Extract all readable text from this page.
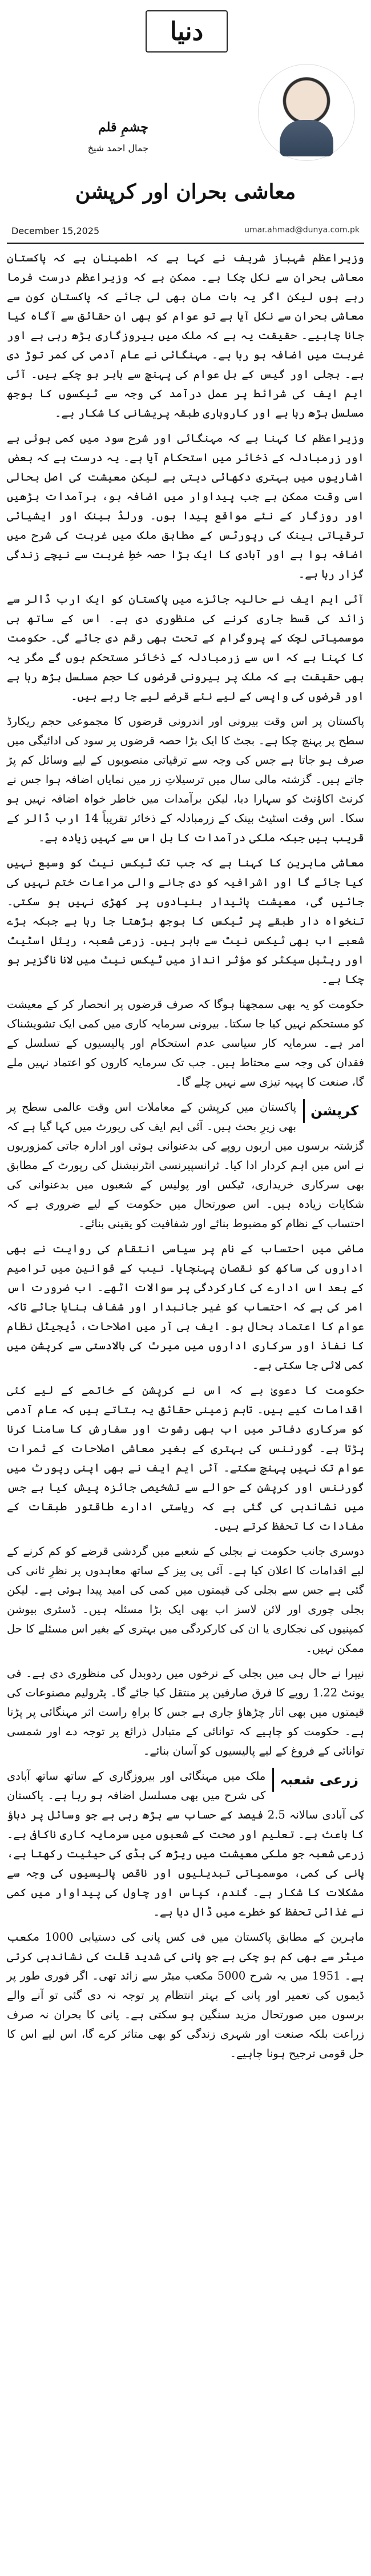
دنیا
چشمِ قلم
جمال احمد شیخ
معاشی بحران اور کرپشن
December 15,2025	umar.ahmad@dunya.com.pk

وزیراعظم شہباز شریف نے کہا ہے کہ اطمینان ہے کہ پاکستان معاشی بحران سے نکل چکا ہے۔ ممکن ہے کہ وزیراعظم درست فرما رہے ہوں لیکن اگر یہ بات مان بھی لی جائے کہ پاکستان کون سے معاشی بحران سے نکل آیا ہے تو عوام کو بھی ان حقائق سے آگاہ کیا جانا چاہیے۔ حقیقت یہ ہے کہ ملک میں بیروزگاری بڑھ رہی ہے اور غربت میں اضافہ ہو رہا ہے۔ مہنگائی نے عام آدمی کی کمر توڑ دی ہے۔ بجلی اور گیس کے بل عوام کی پہنچ سے باہر ہو چکے ہیں۔ آئی ایم ایف کی شرائط پر عمل درآمد کی وجہ سے ٹیکسوں کا بوجھ مسلسل بڑھ رہا ہے اور کاروباری طبقہ پریشانی کا شکار ہے۔

وزیراعظم کا کہنا ہے کہ مہنگائی اور شرح سود میں کمی ہوئی ہے اور زرمبادلہ کے ذخائر میں استحکام آیا ہے۔ یہ درست ہے کہ بعض اشاریوں میں بہتری دکھائی دیتی ہے لیکن معیشت کی اصل بحالی اسی وقت ممکن ہے جب پیداوار میں اضافہ ہو، برآمدات بڑھیں اور روزگار کے نئے مواقع پیدا ہوں۔ ورلڈ بینک اور ایشیائی ترقیاتی بینک کی رپورٹس کے مطابق ملک میں غربت کی شرح میں اضافہ ہوا ہے اور آبادی کا ایک بڑا حصہ خطِ غربت سے نیچے زندگی گزار رہا ہے۔

آئی ایم ایف نے حالیہ جائزے میں پاکستان کو ایک ارب ڈالر سے زائد کی قسط جاری کرنے کی منظوری دی ہے۔ اس کے ساتھ ہی موسمیاتی لچک کے پروگرام کے تحت بھی رقم دی جائے گی۔ حکومت کا کہنا ہے کہ اس سے زرمبادلہ کے ذخائر مستحکم ہوں گے مگر یہ بھی حقیقت ہے کہ ملک پر بیرونی قرضوں کا حجم مسلسل بڑھ رہا ہے اور قرضوں کی واپسی کے لیے نئے قرضے لیے جا رہے ہیں۔

پاکستان پر اس وقت بیرونی اور اندرونی قرضوں کا مجموعی حجم ریکارڈ سطح پر پہنچ چکا ہے۔ بجٹ کا ایک بڑا حصہ قرضوں پر سود کی ادائیگی میں صرف ہو جاتا ہے جس کی وجہ سے ترقیاتی منصوبوں کے لیے وسائل کم پڑ جاتے ہیں۔ گزشتہ مالی سال میں ترسیلاتِ زر میں نمایاں اضافہ ہوا جس نے کرنٹ اکاؤنٹ کو سہارا دیا، لیکن برآمدات میں خاطر خواہ اضافہ نہیں ہو سکا۔ اس وقت اسٹیٹ بینک کے زرمبادلہ کے ذخائر تقریباً 14 ارب ڈالر کے قریب ہیں جبکہ ملکی درآمدات کا بل اس سے کہیں زیادہ ہے۔

معاشی ماہرین کا کہنا ہے کہ جب تک ٹیکس نیٹ کو وسیع نہیں کیا جائے گا اور اشرافیہ کو دی جانے والی مراعات ختم نہیں کی جائیں گی، معیشت پائیدار بنیادوں پر کھڑی نہیں ہو سکتی۔ تنخواہ دار طبقے پر ٹیکس کا بوجھ بڑھتا جا رہا ہے جبکہ بڑے شعبے اب بھی ٹیکس نیٹ سے باہر ہیں۔ زرعی شعبہ، ریئل اسٹیٹ اور ریٹیل سیکٹر کو مؤثر انداز میں ٹیکس نیٹ میں لانا ناگزیر ہو چکا ہے۔

حکومت کو یہ بھی سمجھنا ہوگا کہ صرف قرضوں پر انحصار کر کے معیشت کو مستحکم نہیں کیا جا سکتا۔ بیرونی سرمایہ کاری میں کمی ایک تشویشناک امر ہے۔ سرمایہ کار سیاسی عدم استحکام اور پالیسیوں کے تسلسل کے فقدان کی وجہ سے محتاط ہیں۔ جب تک سرمایہ کاروں کو اعتماد نہیں ملے گا، صنعت کا پہیہ تیزی سے نہیں چلے گا۔

کرپشن

پاکستان میں کرپشن کے معاملات اس وقت عالمی سطح پر بھی زیرِ بحث ہیں۔ آئی ایم ایف کی رپورٹ میں کہا گیا ہے کہ گزشتہ برسوں میں اربوں روپے کی بدعنوانی ہوئی اور ادارہ جاتی کمزوریوں نے اس میں اہم کردار ادا کیا۔ ٹرانسپیرنسی انٹرنیشنل کی رپورٹ کے مطابق بھی سرکاری خریداری، ٹیکس اور پولیس کے شعبوں میں بدعنوانی کی شکایات زیادہ ہیں۔ اس صورتحال میں حکومت کے لیے ضروری ہے کہ احتساب کے نظام کو مضبوط بنائے اور شفافیت کو یقینی بنائے۔

ماضی میں احتساب کے نام پر سیاسی انتقام کی روایت نے بھی اداروں کی ساکھ کو نقصان پہنچایا۔ نیب کے قوانین میں ترامیم کے بعد اس ادارے کی کارکردگی پر سوالات اٹھے۔ اب ضرورت اس امر کی ہے کہ احتساب کو غیر جانبدار اور شفاف بنایا جائے تاکہ عوام کا اعتماد بحال ہو۔ ایف بی آر میں اصلاحات، ڈیجیٹل نظام کا نفاذ اور سرکاری اداروں میں میرٹ کی بالادستی سے کرپشن میں کمی لائی جا سکتی ہے۔

حکومت کا دعویٰ ہے کہ اس نے کرپشن کے خاتمے کے لیے کئی اقدامات کیے ہیں۔ تاہم زمینی حقائق یہ بتاتے ہیں کہ عام آدمی کو سرکاری دفاتر میں اب بھی رشوت اور سفارش کا سامنا کرنا پڑتا ہے۔ گورننس کی بہتری کے بغیر معاشی اصلاحات کے ثمرات عوام تک نہیں پہنچ سکتے۔ آئی ایم ایف نے بھی اپنی رپورٹ میں گورننس اور کرپشن کے حوالے سے تشخیصی جائزہ پیش کیا ہے جس میں نشاندہی کی گئی ہے کہ ریاستی ادارے طاقتور طبقات کے مفادات کا تحفظ کرتے ہیں۔

دوسری جانب حکومت نے بجلی کے شعبے میں گردشی قرضے کو کم کرنے کے لیے اقدامات کا اعلان کیا ہے۔ آئی پی پیز کے ساتھ معاہدوں پر نظرِ ثانی کی گئی ہے جس سے بجلی کی قیمتوں میں کمی کی امید پیدا ہوئی ہے۔ لیکن بجلی چوری اور لائن لاسز اب بھی ایک بڑا مسئلہ ہیں۔ ڈسٹری بیوشن کمپنیوں کی نجکاری یا ان کی کارکردگی میں بہتری کے بغیر اس مسئلے کا حل ممکن نہیں۔

نیپرا نے حال ہی میں بجلی کے نرخوں میں ردوبدل کی منظوری دی ہے۔ فی یونٹ 1.22 روپے کا فرق صارفین پر منتقل کیا جائے گا۔ پٹرولیم مصنوعات کی قیمتوں میں بھی اتار چڑھاؤ جاری ہے جس کا براہِ راست اثر مہنگائی پر پڑتا ہے۔ حکومت کو چاہیے کہ توانائی کے متبادل ذرائع پر توجہ دے اور شمسی توانائی کے فروغ کے لیے پالیسیوں کو آسان بنائے۔

زرعی شعبہ

ملک میں مہنگائی اور بیروزگاری کے ساتھ ساتھ آبادی کی شرح میں بھی مسلسل اضافہ ہو رہا ہے۔ پاکستان کی آبادی سالانہ 2.5 فیصد کے حساب سے بڑھ رہی ہے جو وسائل پر دباؤ کا باعث ہے۔ تعلیم اور صحت کے شعبوں میں سرمایہ کاری ناکافی ہے۔ زرعی شعبہ جو ملکی معیشت میں ریڑھ کی ہڈی کی حیثیت رکھتا ہے، پانی کی کمی، موسمیاتی تبدیلیوں اور ناقص پالیسیوں کی وجہ سے مشکلات کا شکار ہے۔ گندم، کپاس اور چاول کی پیداوار میں کمی نے غذائی تحفظ کو خطرے میں ڈال دیا ہے۔

ماہرین کے مطابق پاکستان میں فی کس پانی کی دستیابی 1000 مکعب میٹر سے بھی کم ہو چکی ہے جو پانی کی شدید قلت کی نشاندہی کرتی ہے۔ 1951 میں یہ شرح 5000 مکعب میٹر سے زائد تھی۔ اگر فوری طور پر ڈیموں کی تعمیر اور پانی کے بہتر انتظام پر توجہ نہ دی گئی تو آنے والے برسوں میں صورتحال مزید سنگین ہو سکتی ہے۔ پانی کا بحران نہ صرف زراعت بلکہ صنعت اور شہری زندگی کو بھی متاثر کرے گا، اس لیے اس کا حل قومی ترجیح ہونا چاہیے۔
